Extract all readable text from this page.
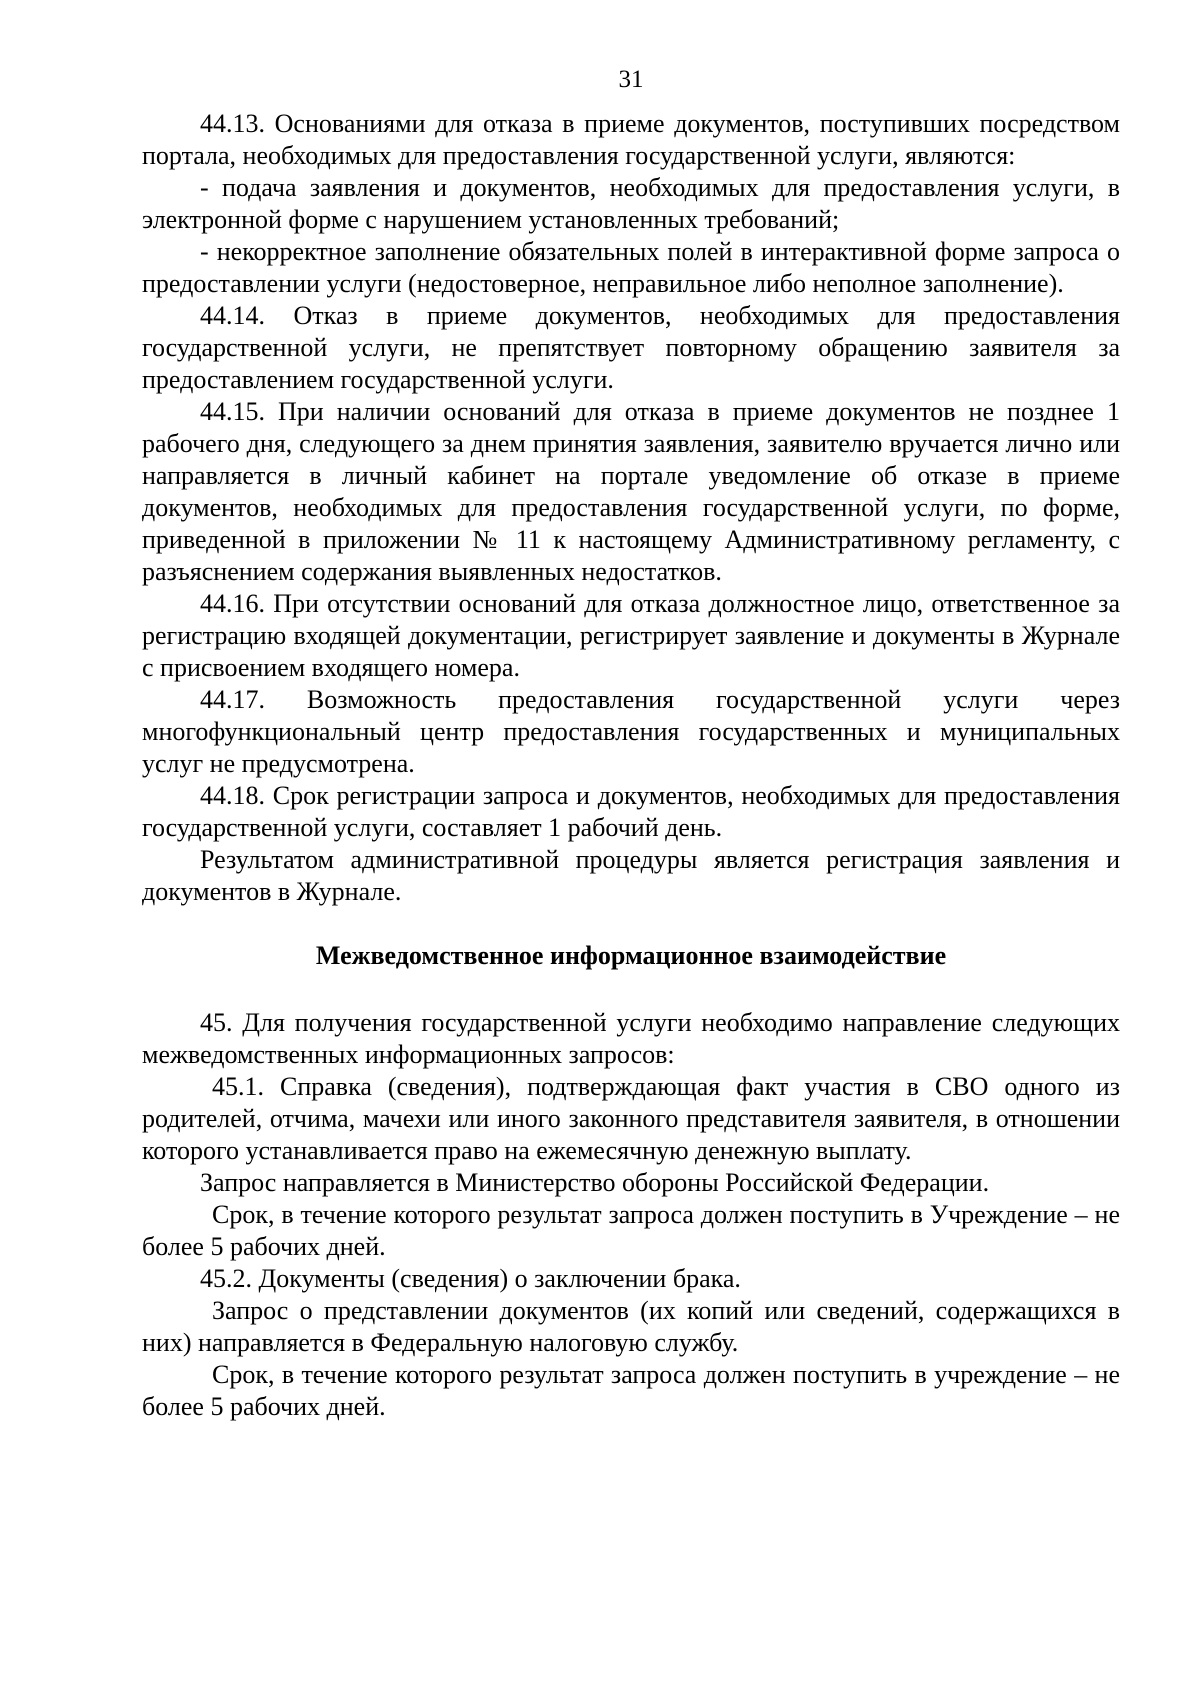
31

44.13. Основаниями для отказа в приеме документов, поступивших посредством портала, необходимых для предоставления государственной услуги, являются:

- подача заявления и документов, необходимых для предоставления услуги, в электронной форме с нарушением установленных требований;

- некорректное заполнение обязательных полей в интерактивной форме запроса о предоставлении услуги (недостоверное, неправильное либо неполное заполнение).

44.14. Отказ в приеме документов, необходимых для предоставления государственной услуги, не препятствует повторному обращению заявителя за предоставлением государственной услуги.

44.15. При наличии оснований для отказа в приеме документов не позднее 1 рабочего дня, следующего за днем принятия заявления, заявителю вручается лично или направляется в личный кабинет на портале уведомление об отказе в приеме документов, необходимых для предоставления государственной услуги, по форме, приведенной в приложении № 11 к настоящему Административному регламенту, с разъяснением содержания выявленных недостатков.

44.16. При отсутствии оснований для отказа должностное лицо, ответственное за регистрацию входящей документации, регистрирует заявление и документы в Журнале с присвоением входящего номера.

44.17. Возможность предоставления государственной услуги через многофункциональный центр предоставления государственных и муниципальных услуг не предусмотрена.

44.18. Срок регистрации запроса и документов, необходимых для предоставления государственной услуги, составляет 1 рабочий день.

Результатом административной процедуры является регистрация заявления и документов в Журнале.

Межведомственное информационное взаимодействие

45. Для получения государственной услуги необходимо направление следующих межведомственных информационных запросов:

45.1. Справка (сведения), подтверждающая факт участия в СВО одного из родителей, отчима, мачехи или иного законного представителя заявителя, в отношении которого устанавливается право на ежемесячную денежную выплату.

Запрос направляется в Министерство обороны Российской Федерации.

Срок, в течение которого результат запроса должен поступить в Учреждение – не более 5 рабочих дней.

45.2. Документы (сведения) о заключении брака.

Запрос о представлении документов (их копий или сведений, содержащихся в них) направляется в Федеральную налоговую службу.

Срок, в течение которого результат запроса должен поступить в учреждение – не более 5 рабочих дней.
